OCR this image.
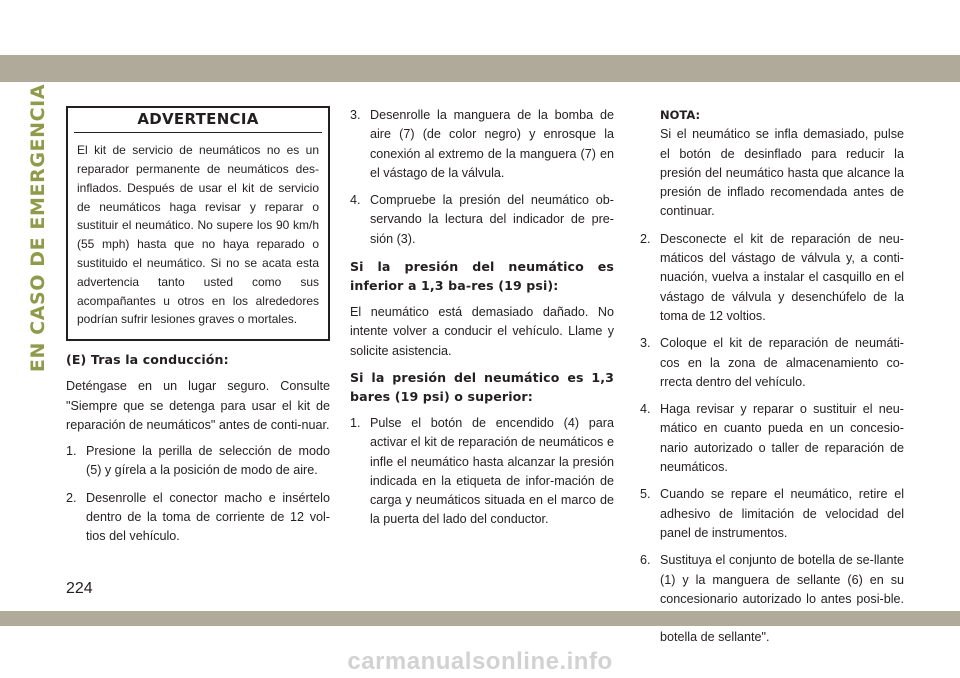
EN CASO DE EMERGENCIA	ADVERTENCIA
El kit de servicio de neumáticos no es un reparador permanente de neumáticos des-inflados. Después de usar el kit de servicio de neumáticos haga revisar y reparar o sustituir el neumático. No supere los 90 km/h (55 mph) hasta que no haya reparado o sustituido el neumático. Si no se acata esta advertencia tanto usted como sus acompañantes u otros en los alrededores podrían sufrir lesiones graves o mortales.
(E) Tras la conducción:

Deténgase en un lugar seguro. Consulte "Siempre que se detenga para usar el kit de reparación de neumáticos" antes de conti-nuar.

1. Presione la perilla de selección de modo (5) y gírela a la posición de modo de aire.
2. Desenrolle el conector macho e insértelo dentro de la toma de corriente de 12 vol-tios del vehículo.
3. Desenrolle la manguera de la bomba de aire (7) (de color negro) y enrosque la conexión al extremo de la manguera (7) en el vástago de la válvula.
4. Compruebe la presión del neumático ob-servando la lectura del indicador de pre-sión (3).
Si la presión del neumático es inferior a 1,3 ba-res (19 psi):

El neumático está demasiado dañado. No intente volver a conducir el vehículo. Llame y solicite asistencia.

Si la presión del neumático es 1,3 bares (19 psi) o superior:
1. Pulse el botón de encendido (4) para activar el kit de reparación de neumáticos e infle el neumático hasta alcanzar la presión indicada en la etiqueta de infor-mación de carga y neumáticos situada en el marco de la puerta del lado del conductor.
NOTA:
Si el neumático se infla demasiado, pulse el botón de desinflado para reducir la presión del neumático hasta que alcance la presión de inflado recomendada antes de continuar.
2. Desconecte el kit de reparación de neu-máticos del vástago de válvula y, a conti-nuación, vuelva a instalar el casquillo en el vástago de válvula y desenchúfelo de la toma de 12 voltios.
3. Coloque el kit de reparación de neumáti-cos en la zona de almacenamiento co-rrecta dentro del vehículo.
4. Haga revisar y reparar o sustituir el neu-mático en cuanto pueda en un concesio-nario autorizado o taller de reparación de neumáticos.
5. Cuando se repare el neumático, retire el adhesivo de limitación de velocidad del panel de instrumentos.
6. Sustituya el conjunto de botella de se-llante (1) y la manguera de sellante (6) en su concesionario autorizado lo antes posi-ble. botella de sellante".
224
carmanualsonline.info
